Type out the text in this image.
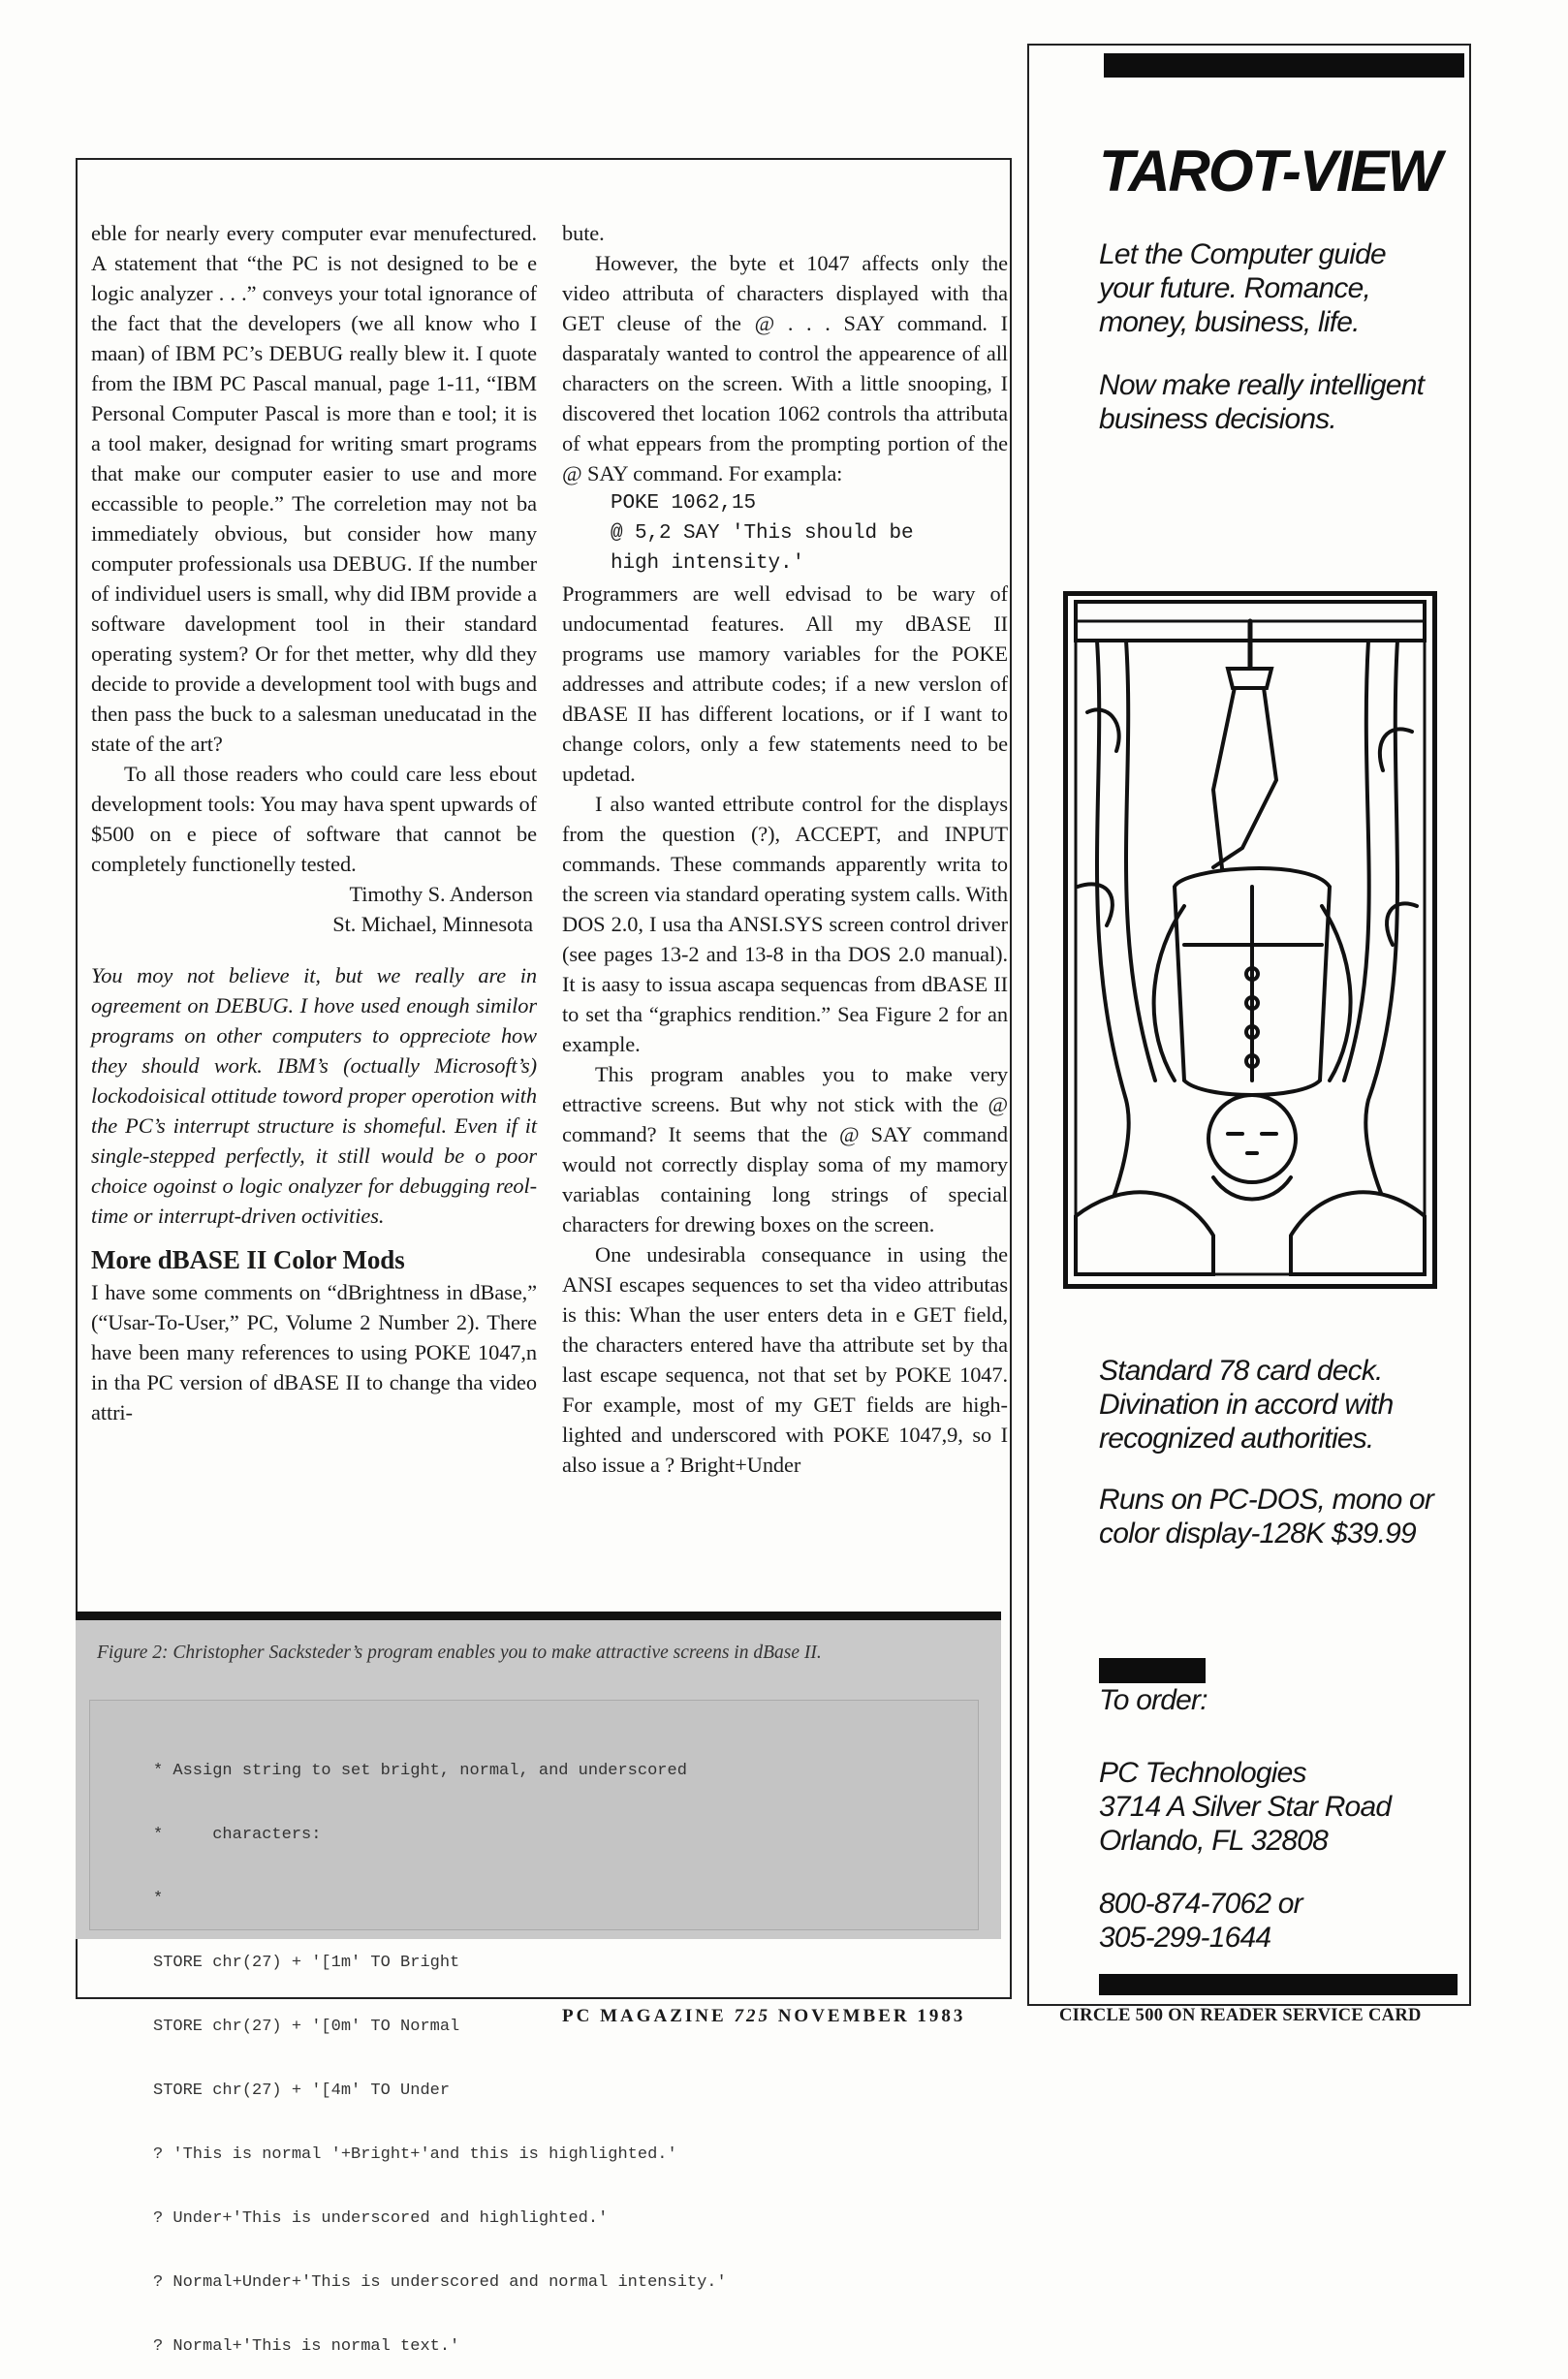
eble for nearly every computer evar menufectured. A statement that “the PC is not designed to be e logic analyzer . . .” conveys your total ignorance of the fact that the developers (we all know who I maan) of IBM PC’s DEBUG really blew it. I quote from the IBM PC Pascal manual, page 1-11, “IBM Personal Computer Pascal is more than e tool; it is a tool maker, designad for writing smart programs that make our computer easier to use and more eccassible to people.” The correletion may not ba immediately obvious, but consider how many computer professionals usa DEBUG. If the number of individuel users is small, why did IBM provide a software davelopment tool in their standard operating system? Or for thet metter, why dld they decide to provide a development tool with bugs and then pass the buck to a salesman uneducatad in the state of the art?

To all those readers who could care less ebout development tools: You may hava spent upwards of $500 on e piece of software that cannot be completely functionelly tested.

Timothy S. Anderson

St. Michael, Minnesota

You moy not believe it, but we really are in ogreement on DEBUG. I hove used enough similor programs on other computers to oppreciote how they should work. IBM’s (octually Microsoft’s) lockodoisical ottitude toword proper operotion with the PC’s interrupt structure is shomeful. Even if it single-stepped perfectly, it still would be o poor choice ogoinst o logic onalyzer for debugging reol-time or interrupt-driven octivities.

More dBASE II Color Mods

I have some comments on “dBrightness in dBase,” (“Usar-To-User,” PC, Volume 2 Number 2). There have been many references to using POKE 1047,n in tha PC version of dBASE II to change tha video attri-

bute.

However, the byte et 1047 affects only the video attributa of characters displayed with tha GET cleuse of the @ . . . SAY command. I dasparataly wanted to control the appearence of all characters on the screen. With a little snooping, I discovered thet location 1062 controls tha attributa of what eppears from the prompting portion of the @ SAY command. For exampla:

POKE 1062,15
@ 5,2 SAY 'This should be
high intensity.'

Programmers are well edvisad to be wary of undocumentad features. All my dBASE II programs use mamory variables for the POKE addresses and attribute codes; if a new verslon of dBASE II has different locations, or if I want to change colors, only a few statements need to be updetad.

I also wanted ettribute control for the displays from the question (?), ACCEPT, and INPUT commands. These commands apparently writa to the screen via standard operating system calls. With DOS 2.0, I usa tha ANSI.SYS screen control driver (see pages 13-2 and 13-8 in tha DOS 2.0 manual). It is aasy to issua ascapa sequencas from dBASE II to set tha “graphics rendition.” Sea Figure 2 for an example.

This program anables you to make very ettractive screens. But why not stick with the @ command? It seems that the @ SAY command would not correctly display soma of my mamory variablas containing long strings of special characters for drewing boxes on the screen.

One undesirabla consequance in using the ANSI escapes sequences to set tha video attributas is this: Whan the user enters deta in e GET field, the characters entered have tha attribute set by tha last escape sequenca, not that set by POKE 1047. For example, most of my GET fields are highlighted and underscored with POKE 1047,9, so I also issue a ? Bright+Under

Figure 2: Christopher Sacksteder’s program enables you to make attractive screens in dBase II.

* Assign string to set bright, normal, and underscored

*     characters:

*

STORE chr(27) + '[1m' TO Bright

STORE chr(27) + '[0m' TO Normal

STORE chr(27) + '[4m' TO Under

? 'This is normal '+Bright+'and this is highlighted.'

? Under+'This is underscored and highlighted.'

? Normal+Under+'This is underscored and normal intensity.'

? Normal+'This is normal text.'

PC MAGAZINE 725 NOVEMBER 1983	CIRCLE 500 ON READER SERVICE CARD
TAROT-VIEW
Let the Computer guide your future. Romance, money, business, life.
Now make really intelligent business decisions.
Standard 78 card deck. Divination in accord with recognized authorities.
Runs on PC-DOS, mono or color display-128K $39.99
To order:
PC Technologies
3714 A Silver Star Road
Orlando, FL 32808
800-874-7062 or
305-299-1644
